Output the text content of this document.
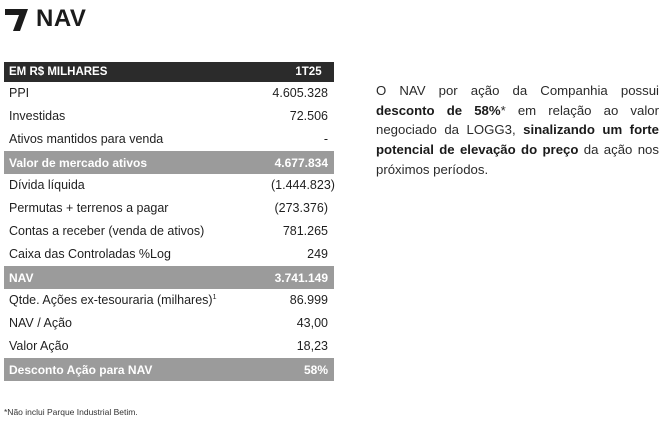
NAV
EM R$ MILHARES	1T25
PPI	4.605.328
Investidas	72.506
Ativos mantidos para venda	-
Valor de mercado ativos	4.677.834
Dívida líquida	(1.444.823)
Permutas + terrenos a pagar	(273.376)
Contas a receber (venda de ativos)	781.265
Caixa das Controladas %Log	249
NAV	3.741.149
Qtde. Ações ex-tesouraria (milhares)$^1$	86.999
NAV / Ação	43,00
Valor Ação	18,23
Desconto Ação para NAV	58%

O NAV por ação da Companhia possui desconto de 58%* em relação ao valor negociado da LOGG3, sinalizando um forte potencial de elevação do preço da ação nos próximos períodos.

*Não inclui Parque Industrial Betim.
